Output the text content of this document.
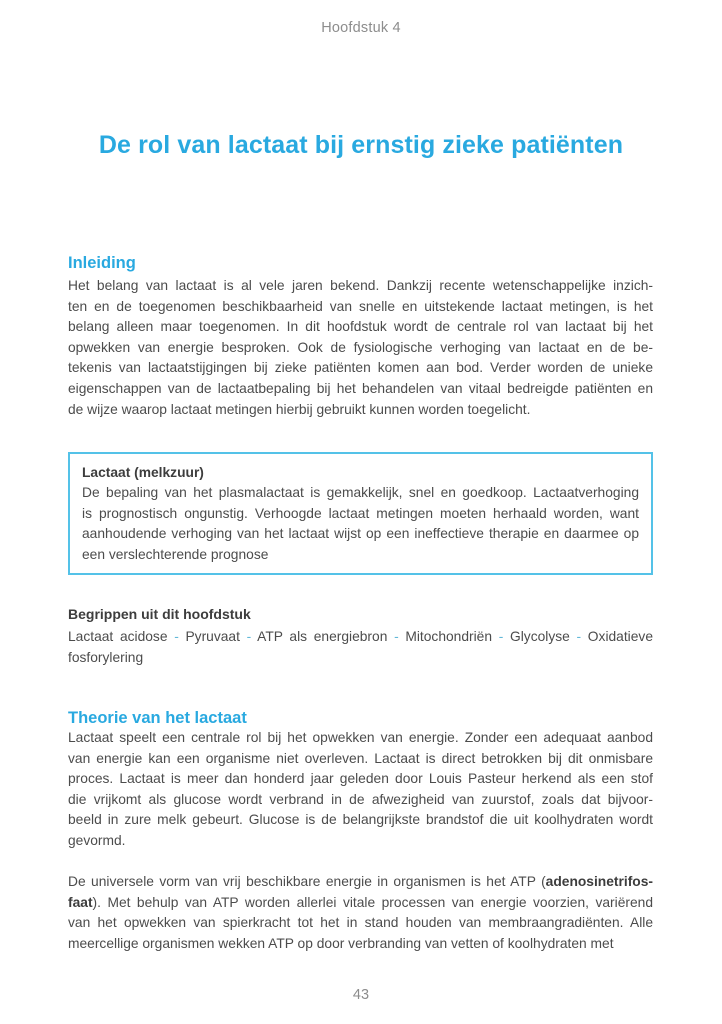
Hoofdstuk 4
De rol van lactaat bij ernstig zieke patiënten
Inleiding
Het belang van lactaat is al vele jaren bekend. Dankzij recente wetenschappelijke inzich-
ten en de toegenomen beschikbaarheid van snelle en uitstekende lactaat metingen, is het
belang alleen maar toegenomen. In dit hoofdstuk wordt de centrale rol van lactaat bij het
opwekken van energie besproken. Ook de fysiologische verhoging van lactaat en de be-
tekenis van lactaatstijgingen bij zieke patiënten komen aan bod. Verder worden de unieke
eigenschappen van de lactaatbepaling bij het behandelen van vitaal bedreigde patiënten en
de wijze waarop lactaat metingen hierbij gebruikt kunnen worden toegelicht.
Lactaat (melkzuur)
De bepaling van het plasmalactaat is gemakkelijk, snel en goedkoop. Lactaatverhoging
is prognostisch ongunstig. Verhoogde lactaat metingen moeten herhaald worden, want
aanhoudende verhoging van het lactaat wijst op een ineffectieve therapie en daarmee op
een verslechterende prognose
Begrippen uit dit hoofdstuk
Lactaat acidose - Pyruvaat - ATP als energiebron - Mitochondriën - Glycolyse - Oxidatieve
fosforylering
Theorie van het lactaat
Lactaat speelt een centrale rol bij het opwekken van energie. Zonder een adequaat aanbod
van energie kan een organisme niet overleven. Lactaat is direct betrokken bij dit onmisbare
proces. Lactaat is meer dan honderd jaar geleden door Louis Pasteur herkend als een stof
die vrijkomt als glucose wordt verbrand in de afwezigheid van zuurstof, zoals dat bijvoor-
beeld in zure melk gebeurt. Glucose is de belangrijkste brandstof die uit koolhydraten wordt
gevormd.
De universele vorm van vrij beschikbare energie in organismen is het ATP (adenosinetrifos-
faat). Met behulp van ATP worden allerlei vitale processen van energie voorzien, variërend
van het opwekken van spierkracht tot het in stand houden van membraangradiënten. Alle
meercellige organismen wekken ATP op door verbranding van vetten of koolhydraten met
43
